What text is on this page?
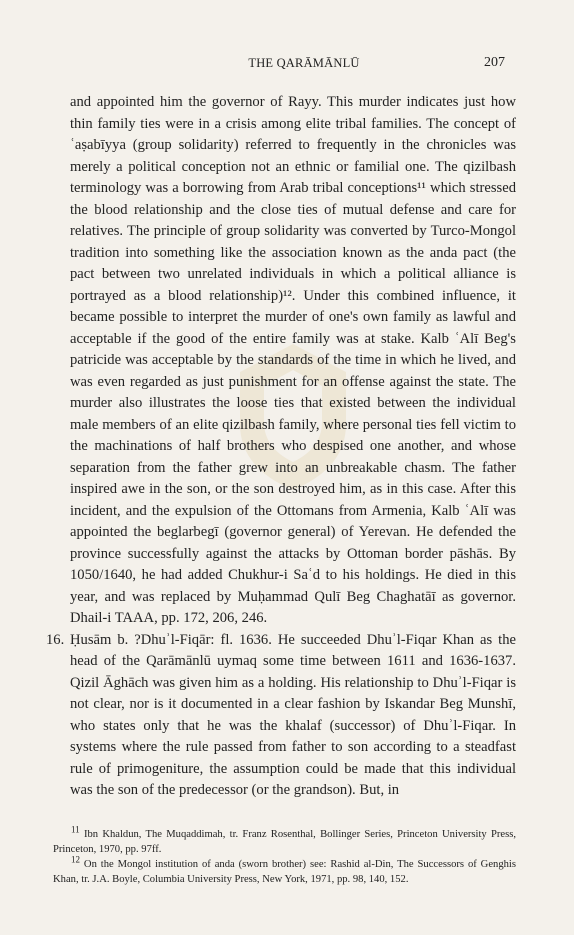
THE QARĀMĀNLŪ	207

and appointed him the governor of Rayy. This murder indicates just how thin family ties were in a crisis among elite tribal families. The concept of ʿaṣabīyya (group solidarity) referred to frequently in the chronicles was merely a political conception not an ethnic or familial one. The qizilbash terminology was a borrowing from Arab tribal conceptions¹¹ which stressed the blood relationship and the close ties of mutual defense and care for relatives. The principle of group solidarity was converted by Turco-Mongol tradition into something like the association known as the anda pact (the pact between two unrelated individuals in which a political alliance is portrayed as a blood relationship)¹². Under this combined influence, it became possible to interpret the murder of one's own family as lawful and acceptable if the good of the entire family was at stake. Kalb ʿAlī Beg's patricide was acceptable by the standards of the time in which he lived, and was even regarded as just punishment for an offense against the state. The murder also illustrates the loose ties that existed between the individual male members of an elite qizilbash family, where personal ties fell victim to the machinations of half brothers who despised one another, and whose separation from the father grew into an unbreakable chasm. The father inspired awe in the son, or the son destroyed him, as in this case. After this incident, and the expulsion of the Ottomans from Armenia, Kalb ʿAlī was appointed the beglarbegī (governor general) of Yerevan. He defended the province successfully against the attacks by Ottoman border pāshās. By 1050/1640, he had added Chukhur-i Saʿd to his holdings. He died in this year, and was replaced by Muḥammad Qulī Beg Chaghatāī as governor. Dhail-i TAAA, pp. 172, 206, 246.

16. Ḥusām b. ?Dhuʾl-Fiqār: fl. 1636. He succeeded Dhuʾl-Fiqar Khan as the head of the Qarāmānlū uymaq some time between 1611 and 1636-1637. Qizil Āghāch was given him as a holding. His relationship to Dhuʾl-Fiqar is not clear, nor is it documented in a clear fashion by Iskandar Beg Munshī, who states only that he was the khalaf (successor) of Dhuʾl-Fiqar. In systems where the rule passed from father to son according to a steadfast rule of primogeniture, the assumption could be made that this individual was the son of the predecessor (or the grandson). But, in

$^{11}$ Ibn Khaldun, The Muqaddimah, tr. Franz Rosenthal, Bollinger Series, Princeton University Press, Princeton, 1970, pp. 97ff.

$^{12}$ On the Mongol institution of anda (sworn brother) see: Rashid al-Din, The Successors of Genghis Khan, tr. J.A. Boyle, Columbia University Press, New York, 1971, pp. 98, 140, 152.
